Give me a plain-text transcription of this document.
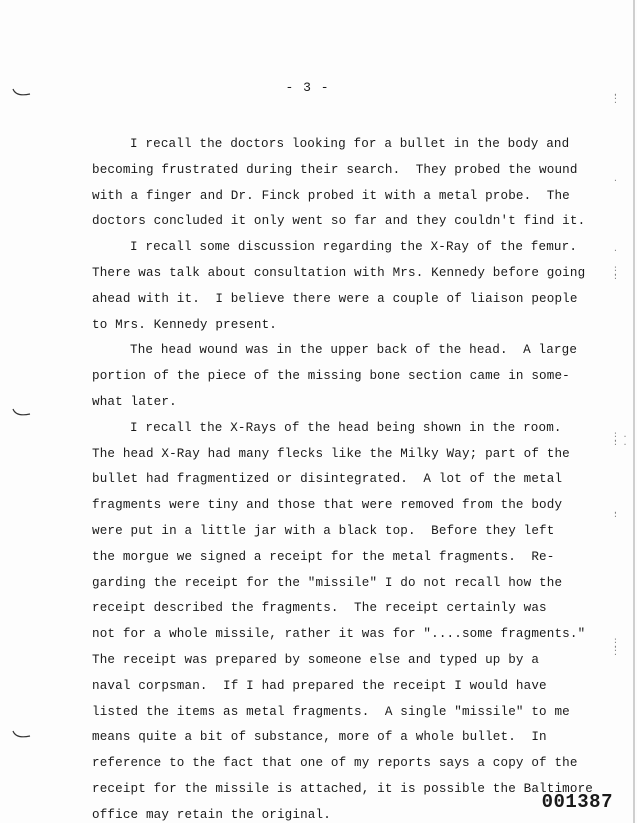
.
:
.
.
.
:
.
:
: .
.
: .
.
:
:
.
:
.
- 3 -
I recall the doctors looking for a bullet in the body and
becoming frustrated during their search.  They probed the wound
with a finger and Dr. Finck probed it with a metal probe.  The
doctors concluded it only went so far and they couldn't find it.
I recall some discussion regarding the X-Ray of the femur.
There was talk about consultation with Mrs. Kennedy before going
ahead with it.  I believe there were a couple of liaison people
to Mrs. Kennedy present.
The head wound was in the upper back of the head.  A large
portion of the piece of the missing bone section came in some-
what later.
I recall the X-Rays of the head being shown in the room.
The head X-Ray had many flecks like the Milky Way; part of the
bullet had fragmentized or disintegrated.  A lot of the metal
fragments were tiny and those that were removed from the body
were put in a little jar with a black top.  Before they left
the morgue we signed a receipt for the metal fragments.  Re-
garding the receipt for the "missile" I do not recall how the
receipt described the fragments.  The receipt certainly was
not for a whole missile, rather it was for "....some fragments."
The receipt was prepared by someone else and typed up by a
naval corpsman.  If I had prepared the receipt I would have
listed the items as metal fragments.  A single "missile" to me
means quite a bit of substance, more of a whole bullet.  In
reference to the fact that one of my reports says a copy of the
receipt for the missile is attached, it is possible the Baltimore
office may retain the original.
001387
